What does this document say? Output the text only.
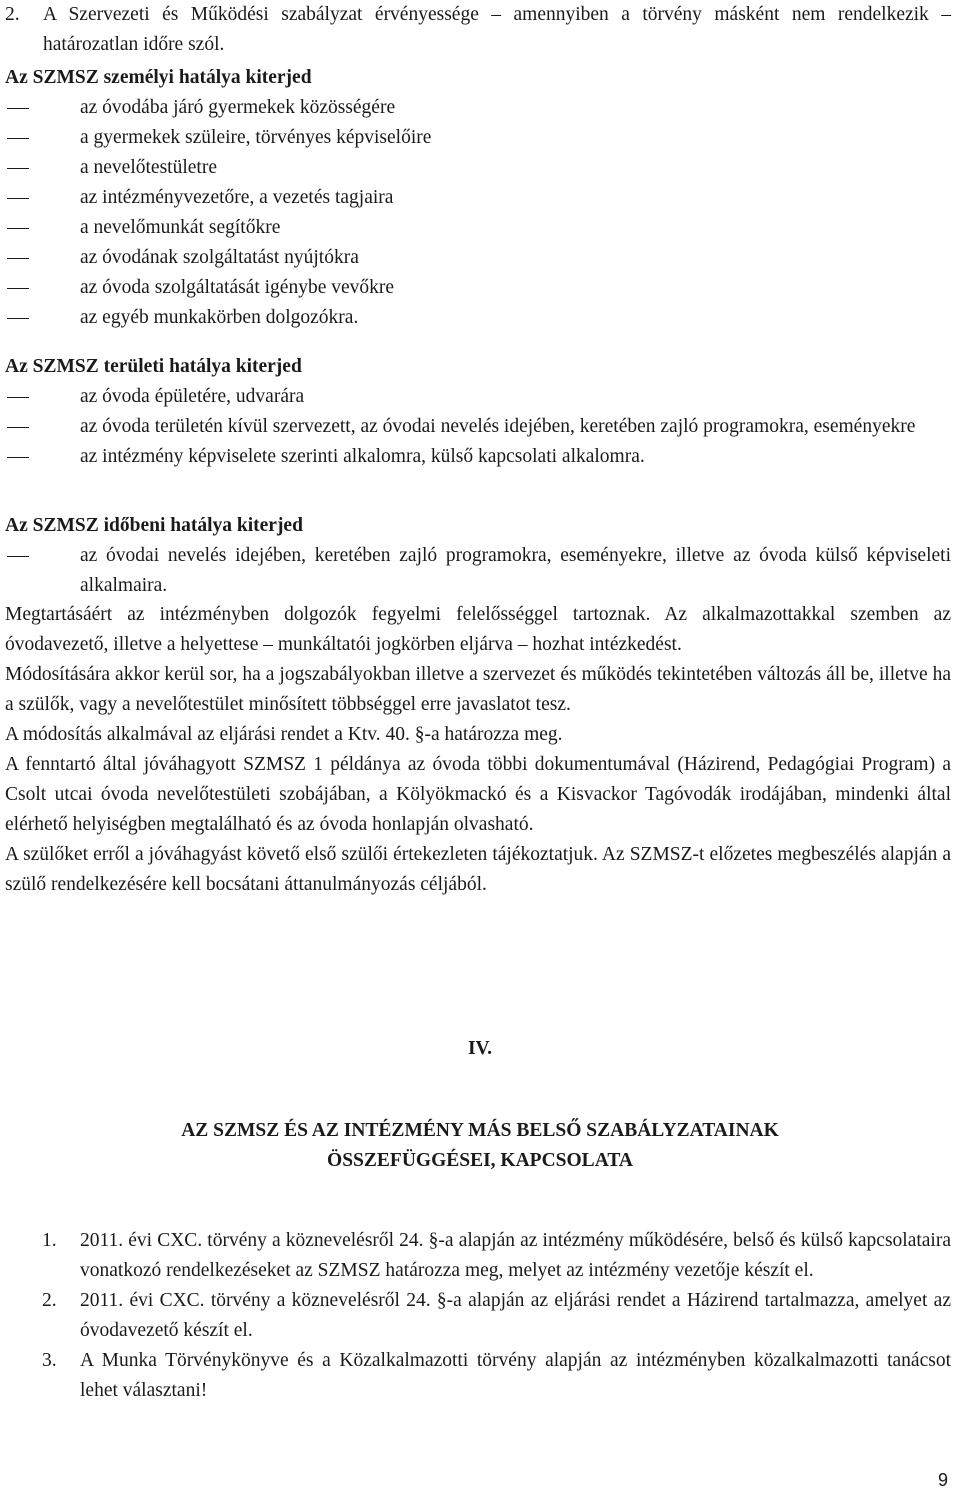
2.	A Szervezeti és Működési szabályzat érvényessége – amennyiben a törvény másként nem rendelkezik – határozatlan időre szól.

Az SZMSZ személyi hatálya kiterjed

az óvodába járó gyermekek közösségére
a gyermekek szüleire, törvényes képviselőire
a nevelőtestületre
az intézményvezetőre, a vezetés tagjaira
a nevelőmunkát segítőkre
az óvodának szolgáltatást nyújtókra
az óvoda szolgáltatását igénybe vevőkre
az egyéb munkakörben dolgozókra.

Az SZMSZ területi hatálya kiterjed

az óvoda épületére, udvarára
az óvoda területén kívül szervezett, az óvodai nevelés idejében, keretében zajló programokra, eseményekre
az intézmény képviselete szerinti alkalomra, külső kapcsolati alkalomra.

Az SZMSZ időbeni hatálya kiterjed

az óvodai nevelés idejében, keretében zajló programokra, eseményekre, illetve az óvoda külső képviseleti alkalmaira.

Megtartásáért az intézményben dolgozók fegyelmi felelősséggel tartoznak. Az alkalmazottakkal szemben az óvodavezető, illetve a helyettese – munkáltatói jogkörben eljárva – hozhat intézkedést.

Módosítására akkor kerül sor, ha a jogszabályokban illetve a szervezet és működés tekintetében változás áll be, illetve ha a szülők, vagy a nevelőtestület minősített többséggel erre javaslatot tesz.

A módosítás alkalmával az eljárási rendet a Ktv. 40. §-a határozza meg.

A fenntartó által jóváhagyott SZMSZ 1 példánya az óvoda többi dokumentumával (Házirend, Pedagógiai Program) a Csolt utcai óvoda nevelőtestületi szobájában, a Kölyökmackó és a Kisvackor Tagóvodák irodájában, mindenki által elérhető helyiségben megtalálható és az óvoda honlapján olvasható.

A szülőket erről a jóváhagyást követő első szülői értekezleten tájékoztatjuk. Az SZMSZ-t előzetes megbeszélés alapján a szülő rendelkezésére kell bocsátani áttanulmányozás céljából.

IV.
AZ SZMSZ ÉS AZ INTÉZMÉNY MÁS BELSŐ SZABÁLYZATAINAK
ÖSSZEFÜGGÉSEI, KAPCSOLATA
1.	2011. évi CXC. törvény a köznevelésről 24. §-a alapján az intézmény működésére, belső és külső kapcsolataira vonatkozó rendelkezéseket az SZMSZ határozza meg, melyet az intézmény vezetője készít el.
2.	2011. évi CXC. törvény a köznevelésről 24. §-a alapján az eljárási rendet a Házirend tartalmazza, amelyet az óvodavezető készít el.
3.	A Munka Törvénykönyve és a Közalkalmazotti törvény alapján az intézményben közalkalmazotti tanácsot lehet választani!
9
